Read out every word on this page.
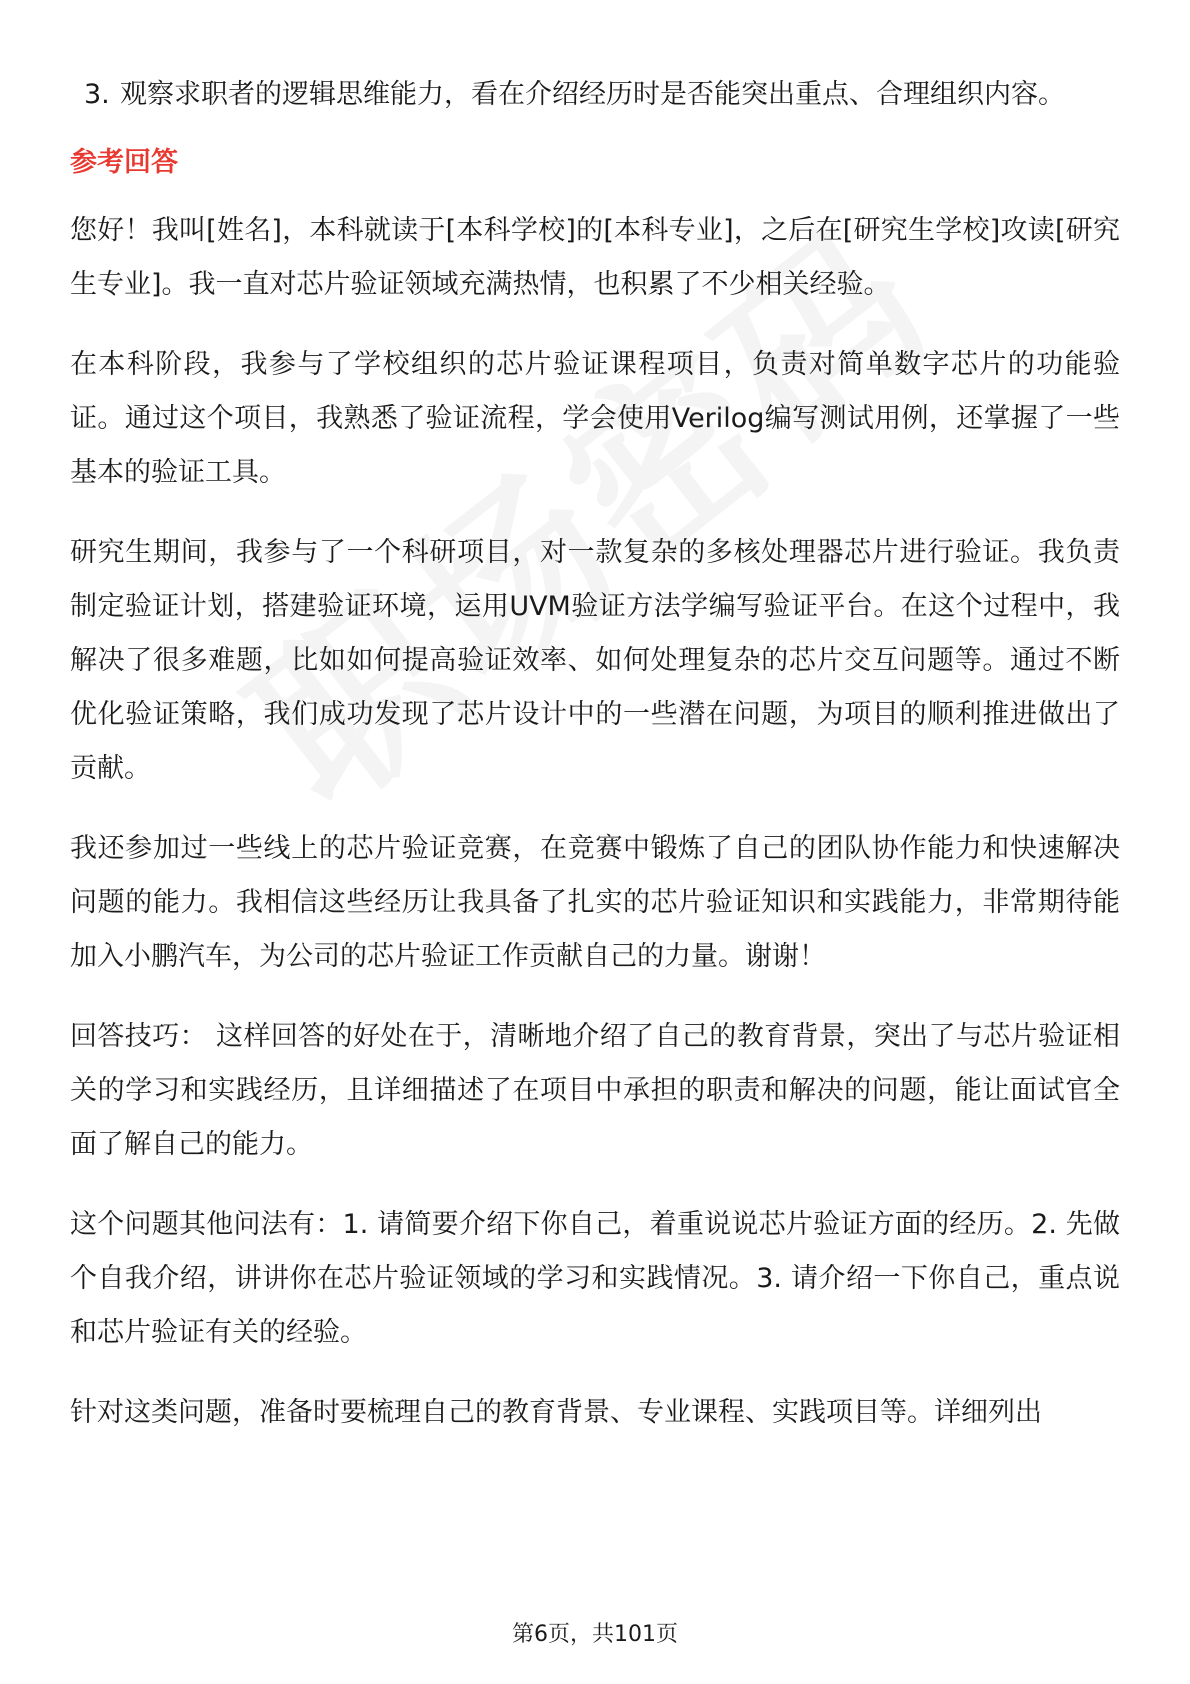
3. 观察求职者的逻辑思维能力，看在介绍经历时是否能突出重点、合理组织内容。
参考回答

您好！我叫[姓名]，本科就读于[本科学校]的[本科专业]，之后在[研究生学校]攻读[研究生专业]。我一直对芯片验证领域充满热情，也积累了不少相关经验。

在本科阶段，我参与了学校组织的芯片验证课程项目，负责对简单数字芯片的功能验证。通过这个项目，我熟悉了验证流程，学会使用Verilog编写测试用例，还掌握了一些基本的验证工具。

研究生期间，我参与了一个科研项目，对一款复杂的多核处理器芯片进行验证。我负责制定验证计划，搭建验证环境，运用UVM验证方法学编写验证平台。在这个过程中，我解决了很多难题，比如如何提高验证效率、如何处理复杂的芯片交互问题等。通过不断优化验证策略，我们成功发现了芯片设计中的一些潜在问题，为项目的顺利推进做出了贡献。

我还参加过一些线上的芯片验证竞赛，在竞赛中锻炼了自己的团队协作能力和快速解决问题的能力。我相信这些经历让我具备了扎实的芯片验证知识和实践能力，非常期待能加入小鹏汽车，为公司的芯片验证工作贡献自己的力量。谢谢！

回答技巧： 这样回答的好处在于，清晰地介绍了自己的教育背景，突出了与芯片验证相关的学习和实践经历，且详细描述了在项目中承担的职责和解决的问题，能让面试官全面了解自己的能力。

这个问题其他问法有：1. 请简要介绍下你自己，着重说说芯片验证方面的经历。2. 先做个自我介绍，讲讲你在芯片验证领域的学习和实践情况。3. 请介绍一下你自己，重点说和芯片验证有关的经验。

针对这类问题，准备时要梳理自己的教育背景、专业课程、实践项目等。详细列出

第6页，共101页
